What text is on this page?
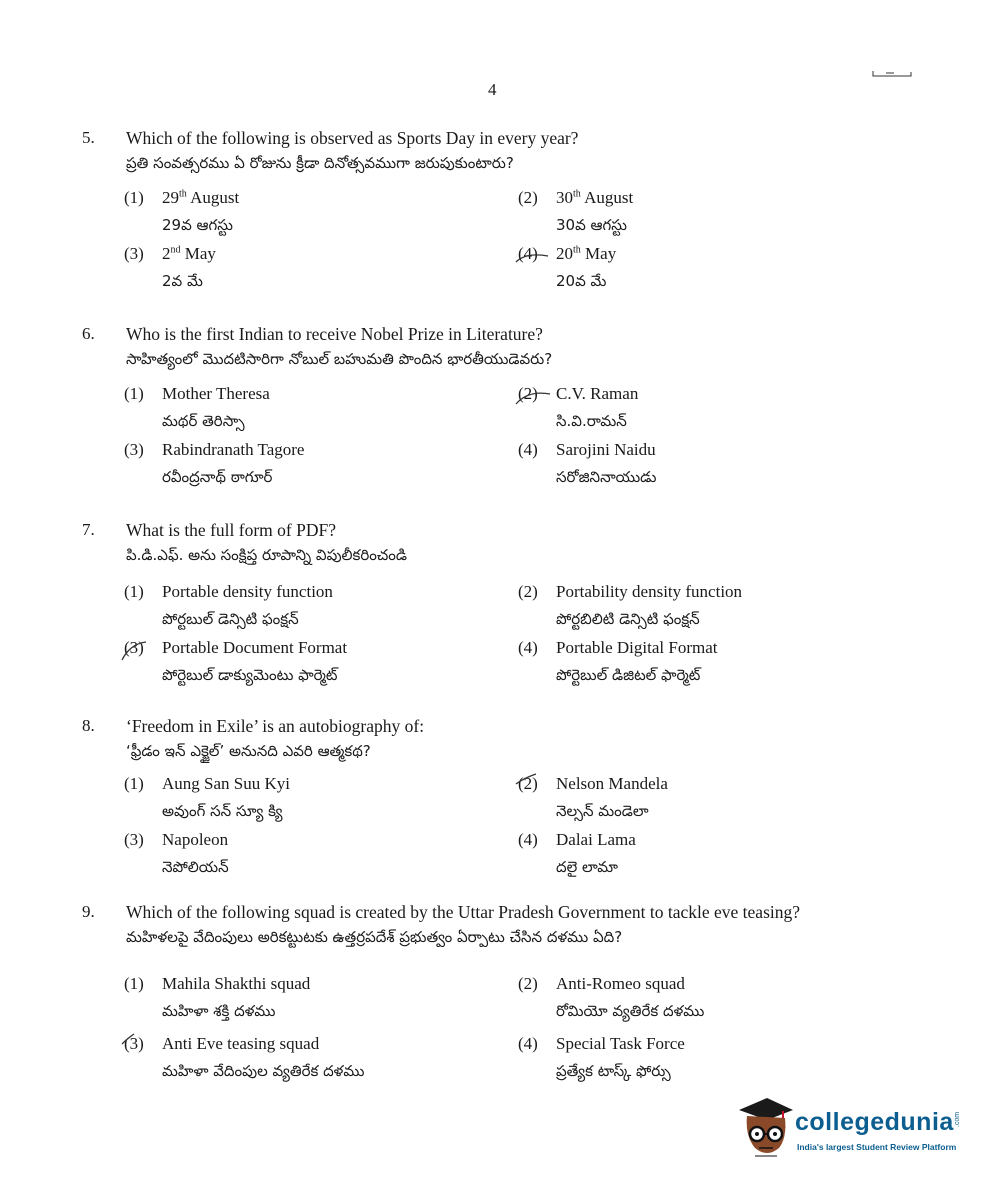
4
5. Which of the following is observed as Sports Day in every year?
ప్రతి సంవత్సరము ఏ రోజును క్రీడా దినోత్సవముగా జరుపుకుంటారు?
(1) 29th August
29వ ఆగస్టు
(2) 30th August
30వ ఆగస్టు
(3) 2nd May
2వ మే
(4) 20th May
20వ మే
6. Who is the first Indian to receive Nobel Prize in Literature?
సాహిత్యంలో మొదటిసారిగా నోబుల్ బహుమతి పొందిన భారతీయుడెవరు?
(1) Mother Theresa
మథర్ తెరిస్సా
(2) C.V. Raman
సి.వి.రామన్
(3) Rabindranath Tagore
రవీంద్రనాథ్ ఠాగూర్
(4) Sarojini Naidu
సరోజినినాయుడు
7. What is the full form of PDF?
పి.డి.ఎఫ్. అను సంక్షిప్త రూపాన్ని విపులీకరించండి
(1) Portable density function
పోర్టబుల్ డెన్సిటి ఫంక్షన్
(2) Portability density function
పోర్టబిలిటి డెన్సిటి ఫంక్షన్
(3) Portable Document Format
పోర్టెబుల్ డాక్యుమెంటు ఫార్మెట్
(4) Portable Digital Format
పోర్టెబుల్ డిజిటల్ ఫార్మెట్
8. ‘Freedom in Exile’ is an autobiography of:
‘ఫ్రీడం ఇన్ ఎక్జైల్’ అనునది ఎవరి ఆత్మకథ?
(1) Aung San Suu Kyi
అవుంగ్ సన్ స్యూ క్యి
(2) Nelson Mandela
నెల్సన్ మండెలా
(3) Napoleon
నెపోలియన్
(4) Dalai Lama
దలై లామా
9. Which of the following squad is created by the Uttar Pradesh Government to tackle eve teasing?
మహిళలపై వేదింపులు అరికట్టుటకు ఉత్తర్రపదేశ్ ప్రభుత్వం ఏర్పాటు చేసిన దళము ఏది?
(1) Mahila Shakthi squad
మహిళా శక్తి దళము
(2) Anti-Romeo squad
రోమియో వ్యతిరేక దళము
(3) Anti Eve teasing squad
మహిళా వేదింపుల వ్యతిరేక దళము
(4) Special Task Force
ప్రత్యేక టాస్క్ ఫోర్సు
collegedunia .com
India's largest Student Review Platform
